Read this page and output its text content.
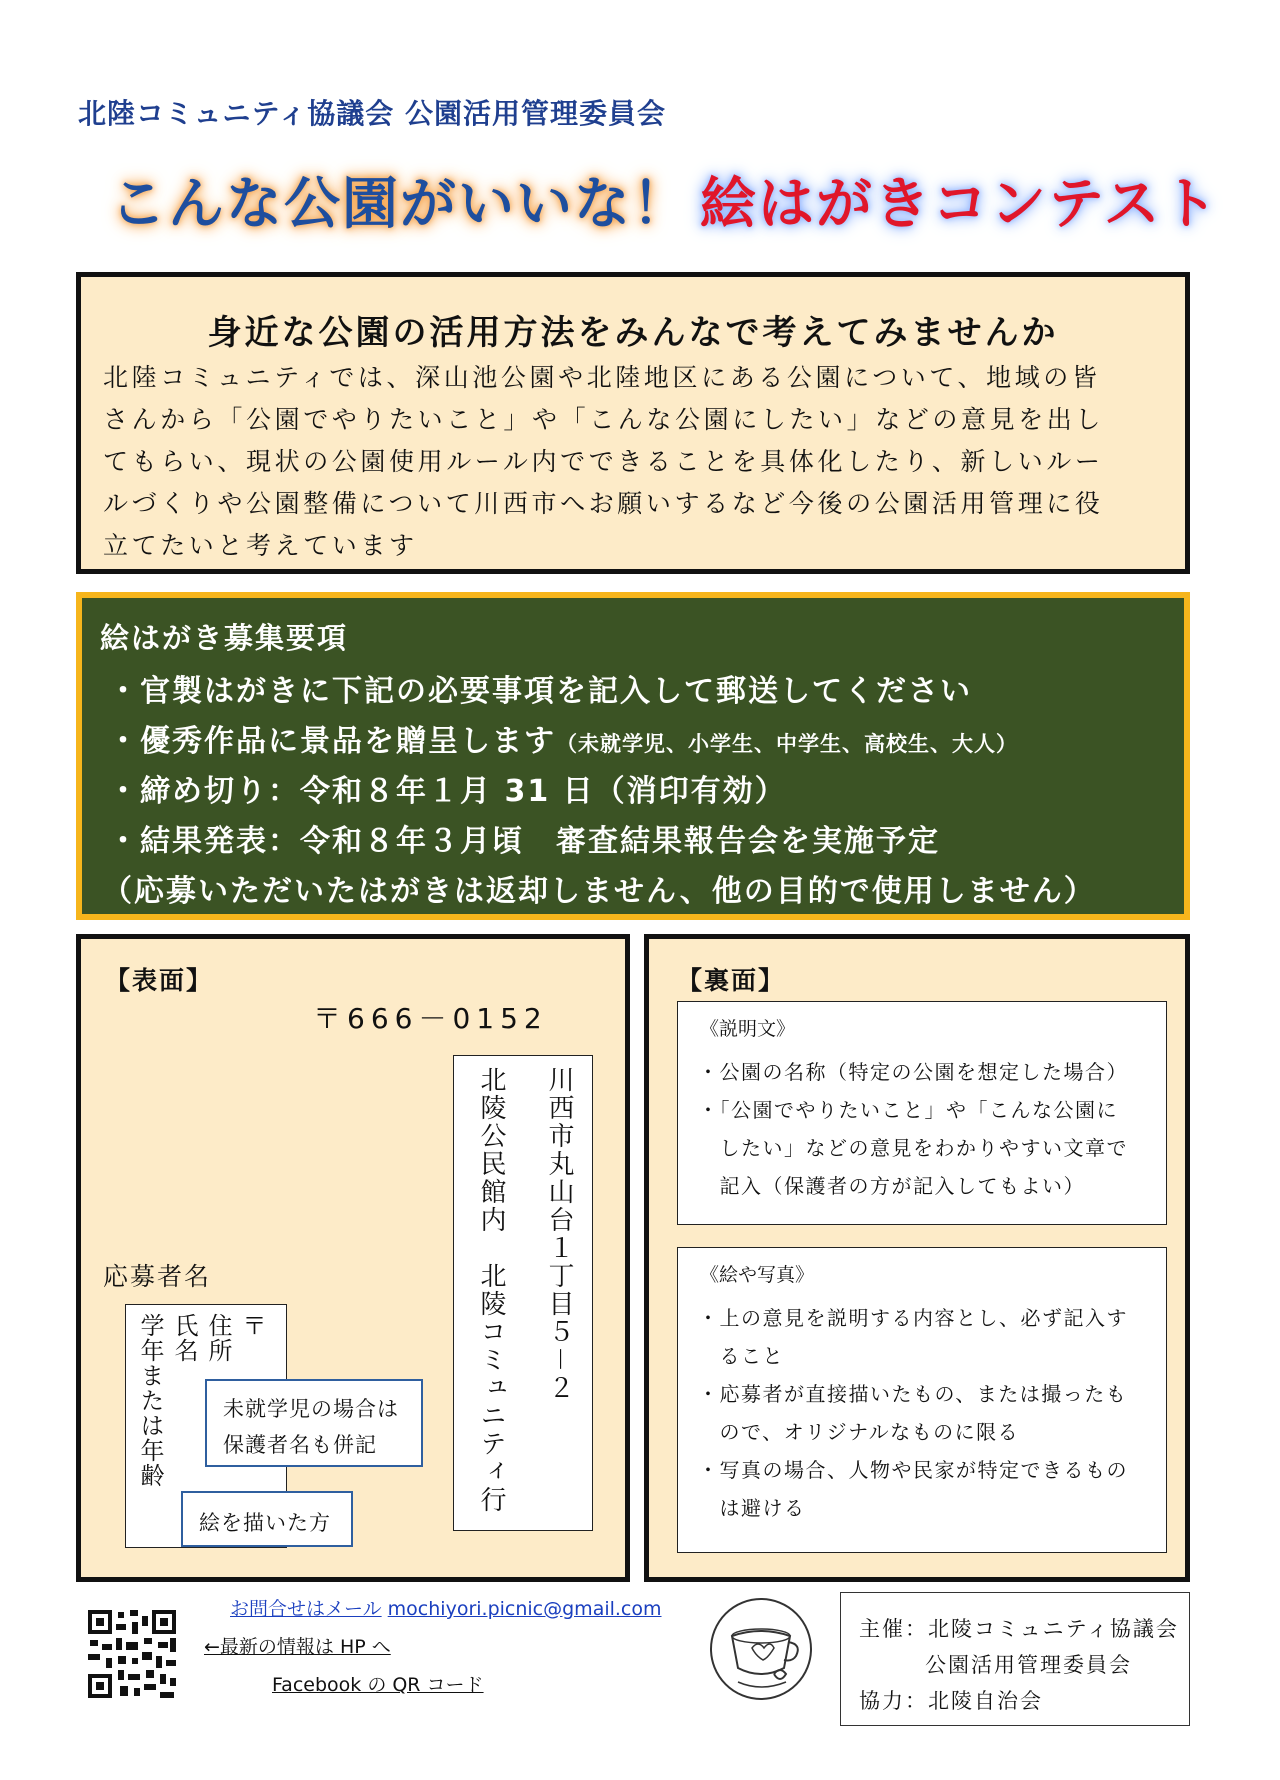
北陸コミュニティ協議会 公園活用管理委員会
こんな公園がいいな！ 絵はがきコンテスト
身近な公園の活用方法をみんなで考えてみませんか
北陸コミュニティでは、深山池公園や北陸地区にある公園について、地域の皆
さんから「公園でやりたいこと」や「こんな公園にしたい」などの意見を出し
てもらい、現状の公園使用ルール内でできることを具体化したり、新しいルー
ルづくりや公園整備について川西市へお願いするなど今後の公園活用管理に役
立てたいと考えています
絵はがき募集要項
・官製はがきに下記の必要事項を記入して郵送してください
・優秀作品に景品を贈呈します（未就学児、小学生、中学生、高校生、大人）
・締め切り：令和８年１月 31 日（消印有効）
・結果発表：令和８年３月頃　審査結果報告会を実施予定
（応募いただいたはがきは返却しません、他の目的で使用しません）
【表面】
〒666－0152
川西市丸山台１丁目５－２
北陵公民館内　北陵コミュニティ行
応募者名
〒
住所
氏名
学年または年齢	未就学児の場合は
保護者名も併記
絵を描いた方
【裏面】
《説明文》
・公園の名称（特定の公園を想定した場合）
・「公園でやりたいこと」や「こんな公園に
　したい」などの意見をわかりやすい文章で
　記入（保護者の方が記入してもよい）
《絵や写真》
・上の意見を説明する内容とし、必ず記入す
　ること
・応募者が直接描いたもの、または撮ったも
　ので、オリジナルなものに限る
・写真の場合、人物や民家が特定できるもの
　は避ける
お問合せはメール mochiyori.picnic@gmail.com
←最新の情報は HP へ
Facebook の QR コード
主催：北陵コミュニティ協議会
公園活用管理委員会
協力：北陵自治会
